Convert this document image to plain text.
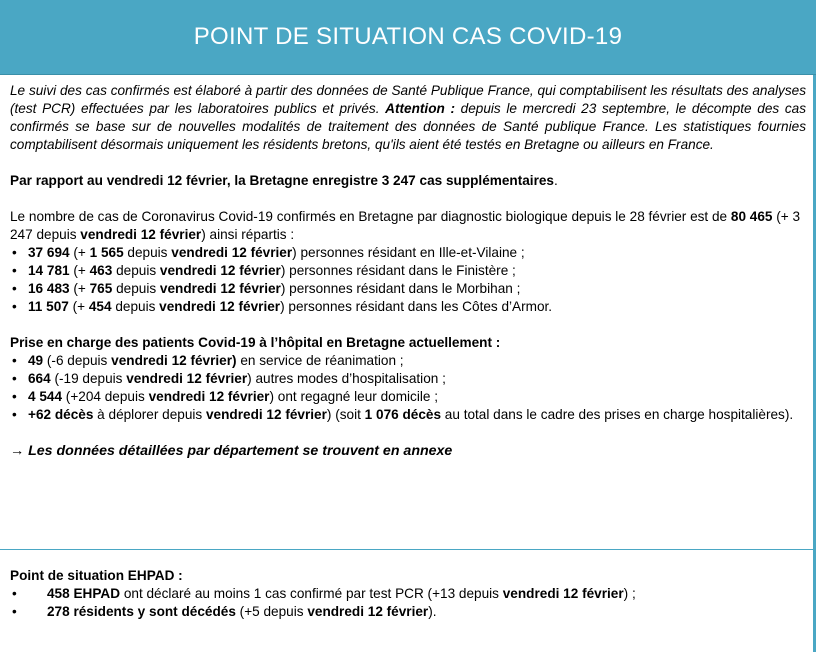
POINT DE SITUATION CAS COVID-19

Le suivi des cas confirmés est élaboré à partir des données de Santé Publique France, qui comptabilisent les résultats des analyses (test PCR) effectuées par les laboratoires publics et privés. Attention : depuis le mercredi 23 septembre, le décompte des cas confirmés se base sur de nouvelles modalités de traitement des données de Santé publique France. Les statistiques fournies comptabilisent désormais uniquement les résidents bretons, qu'ils aient été testés en Bretagne ou ailleurs en France.

Par rapport au vendredi 12 février, la Bretagne enregistre 3 247 cas supplémentaires.

Le nombre de cas de Coronavirus Covid-19 confirmés en Bretagne par diagnostic biologique depuis le 28 février est de 80 465 (+ 3 247 depuis vendredi 12 février) ainsi répartis :

• 37 694 (+ 1 565 depuis vendredi 12 février) personnes résidant en Ille-et-Vilaine ;
• 14 781 (+ 463 depuis vendredi 12 février) personnes résidant dans le Finistère ;
• 16 483 (+ 765 depuis vendredi 12 février) personnes résidant dans le Morbihan ;
• 11 507 (+ 454 depuis vendredi 12 février) personnes résidant dans les Côtes d’Armor.

Prise en charge des patients Covid-19 à l’hôpital en Bretagne actuellement :

• 49 (-6 depuis vendredi 12 février) en service de réanimation ;
• 664 (-19 depuis vendredi 12 février) autres modes d’hospitalisation ;
• 4 544 (+204 depuis vendredi 12 février) ont regagné leur domicile ;
• +62 décès à déplorer depuis vendredi 12 février) (soit 1 076 décès au total dans le cadre des prises en charge hospitalières).

→ Les données détaillées par département se trouvent en annexe

Point de situation EHPAD :

• 458 EHPAD ont déclaré au moins 1 cas confirmé par test PCR (+13 depuis vendredi 12 février) ;
• 278 résidents y sont décédés (+5 depuis vendredi 12 février).
